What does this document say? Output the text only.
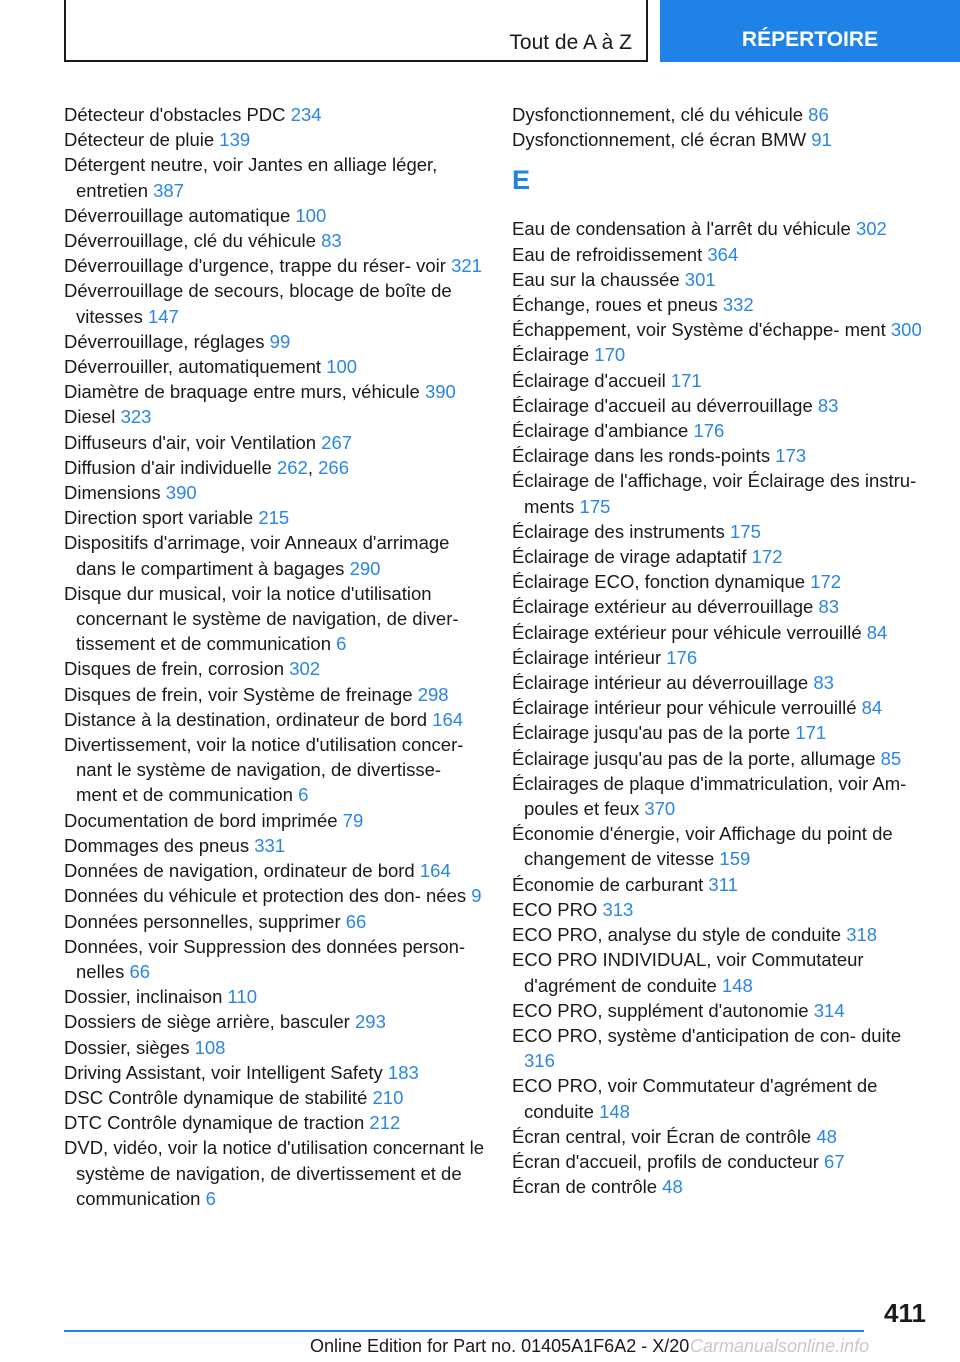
Tout de A à Z	RÉPERTOIRE
Détecteur d'obstacles PDC 234
Détecteur de pluie 139
Détergent neutre, voir Jantes en alliage léger, entretien 387
Déverrouillage automatique 100
Déverrouillage, clé du véhicule 83
Déverrouillage d'urgence, trappe du réser‐ voir 321
Déverrouillage de secours, blocage de boîte de vitesses 147
Déverrouillage, réglages 99
Déverrouiller, automatiquement 100
Diamètre de braquage entre murs, véhicule 390
Diesel 323
Diffuseurs d'air, voir Ventilation 267
Diffusion d'air individuelle 262, 266
Dimensions 390
Direction sport variable 215
Dispositifs d'arrimage, voir Anneaux d'arrimage dans le compartiment à bagages 290
Disque dur musical, voir la notice d'utilisation concernant le système de navigation, de diver‐ tissement et de communication 6
Disques de frein, corrosion 302
Disques de frein, voir Système de freinage 298
Distance à la destination, ordinateur de bord 164
Divertissement, voir la notice d'utilisation concer‐ nant le système de navigation, de divertisse‐ ment et de communication 6
Documentation de bord imprimée 79
Dommages des pneus 331
Données de navigation, ordinateur de bord 164
Données du véhicule et protection des don‐ nées 9
Données personnelles, supprimer 66
Données, voir Suppression des données person‐ nelles 66
Dossier, inclinaison 110
Dossiers de siège arrière, basculer 293
Dossier, sièges 108
Driving Assistant, voir Intelligent Safety 183
DSC Contrôle dynamique de stabilité 210
DTC Contrôle dynamique de traction 212
DVD, vidéo, voir la notice d'utilisation concernant le système de navigation, de divertissement et de communication 6
Dysfonctionnement, clé du véhicule 86
Dysfonctionnement, clé écran BMW 91
E
Eau de condensation à l'arrêt du véhicule 302
Eau de refroidissement 364
Eau sur la chaussée 301
Échange, roues et pneus 332
Échappement, voir Système d'échappe‐ ment 300
Éclairage 170
Éclairage d'accueil 171
Éclairage d'accueil au déverrouillage 83
Éclairage d'ambiance 176
Éclairage dans les ronds-points 173
Éclairage de l'affichage, voir Éclairage des instru‐ ments 175
Éclairage des instruments 175
Éclairage de virage adaptatif 172
Éclairage ECO, fonction dynamique 172
Éclairage extérieur au déverrouillage 83
Éclairage extérieur pour véhicule verrouillé 84
Éclairage intérieur 176
Éclairage intérieur au déverrouillage 83
Éclairage intérieur pour véhicule verrouillé 84
Éclairage jusqu'au pas de la porte 171
Éclairage jusqu'au pas de la porte, allumage 85
Éclairages de plaque d'immatriculation, voir Am‐ poules et feux 370
Économie d'énergie, voir Affichage du point de changement de vitesse 159
Économie de carburant 311
ECO PRO 313
ECO PRO, analyse du style de conduite 318
ECO PRO INDIVIDUAL, voir Commutateur d'agrément de conduite 148
ECO PRO, supplément d'autonomie 314
ECO PRO, système d'anticipation de con‐ duite 316
ECO PRO, voir Commutateur d'agrément de conduite 148
Écran central, voir Écran de contrôle 48
Écran d'accueil, profils de conducteur 67
Écran de contrôle 48
411
Online Edition for Part no. 01405A1F6A2 - X/20 Carmanualsonline.info
